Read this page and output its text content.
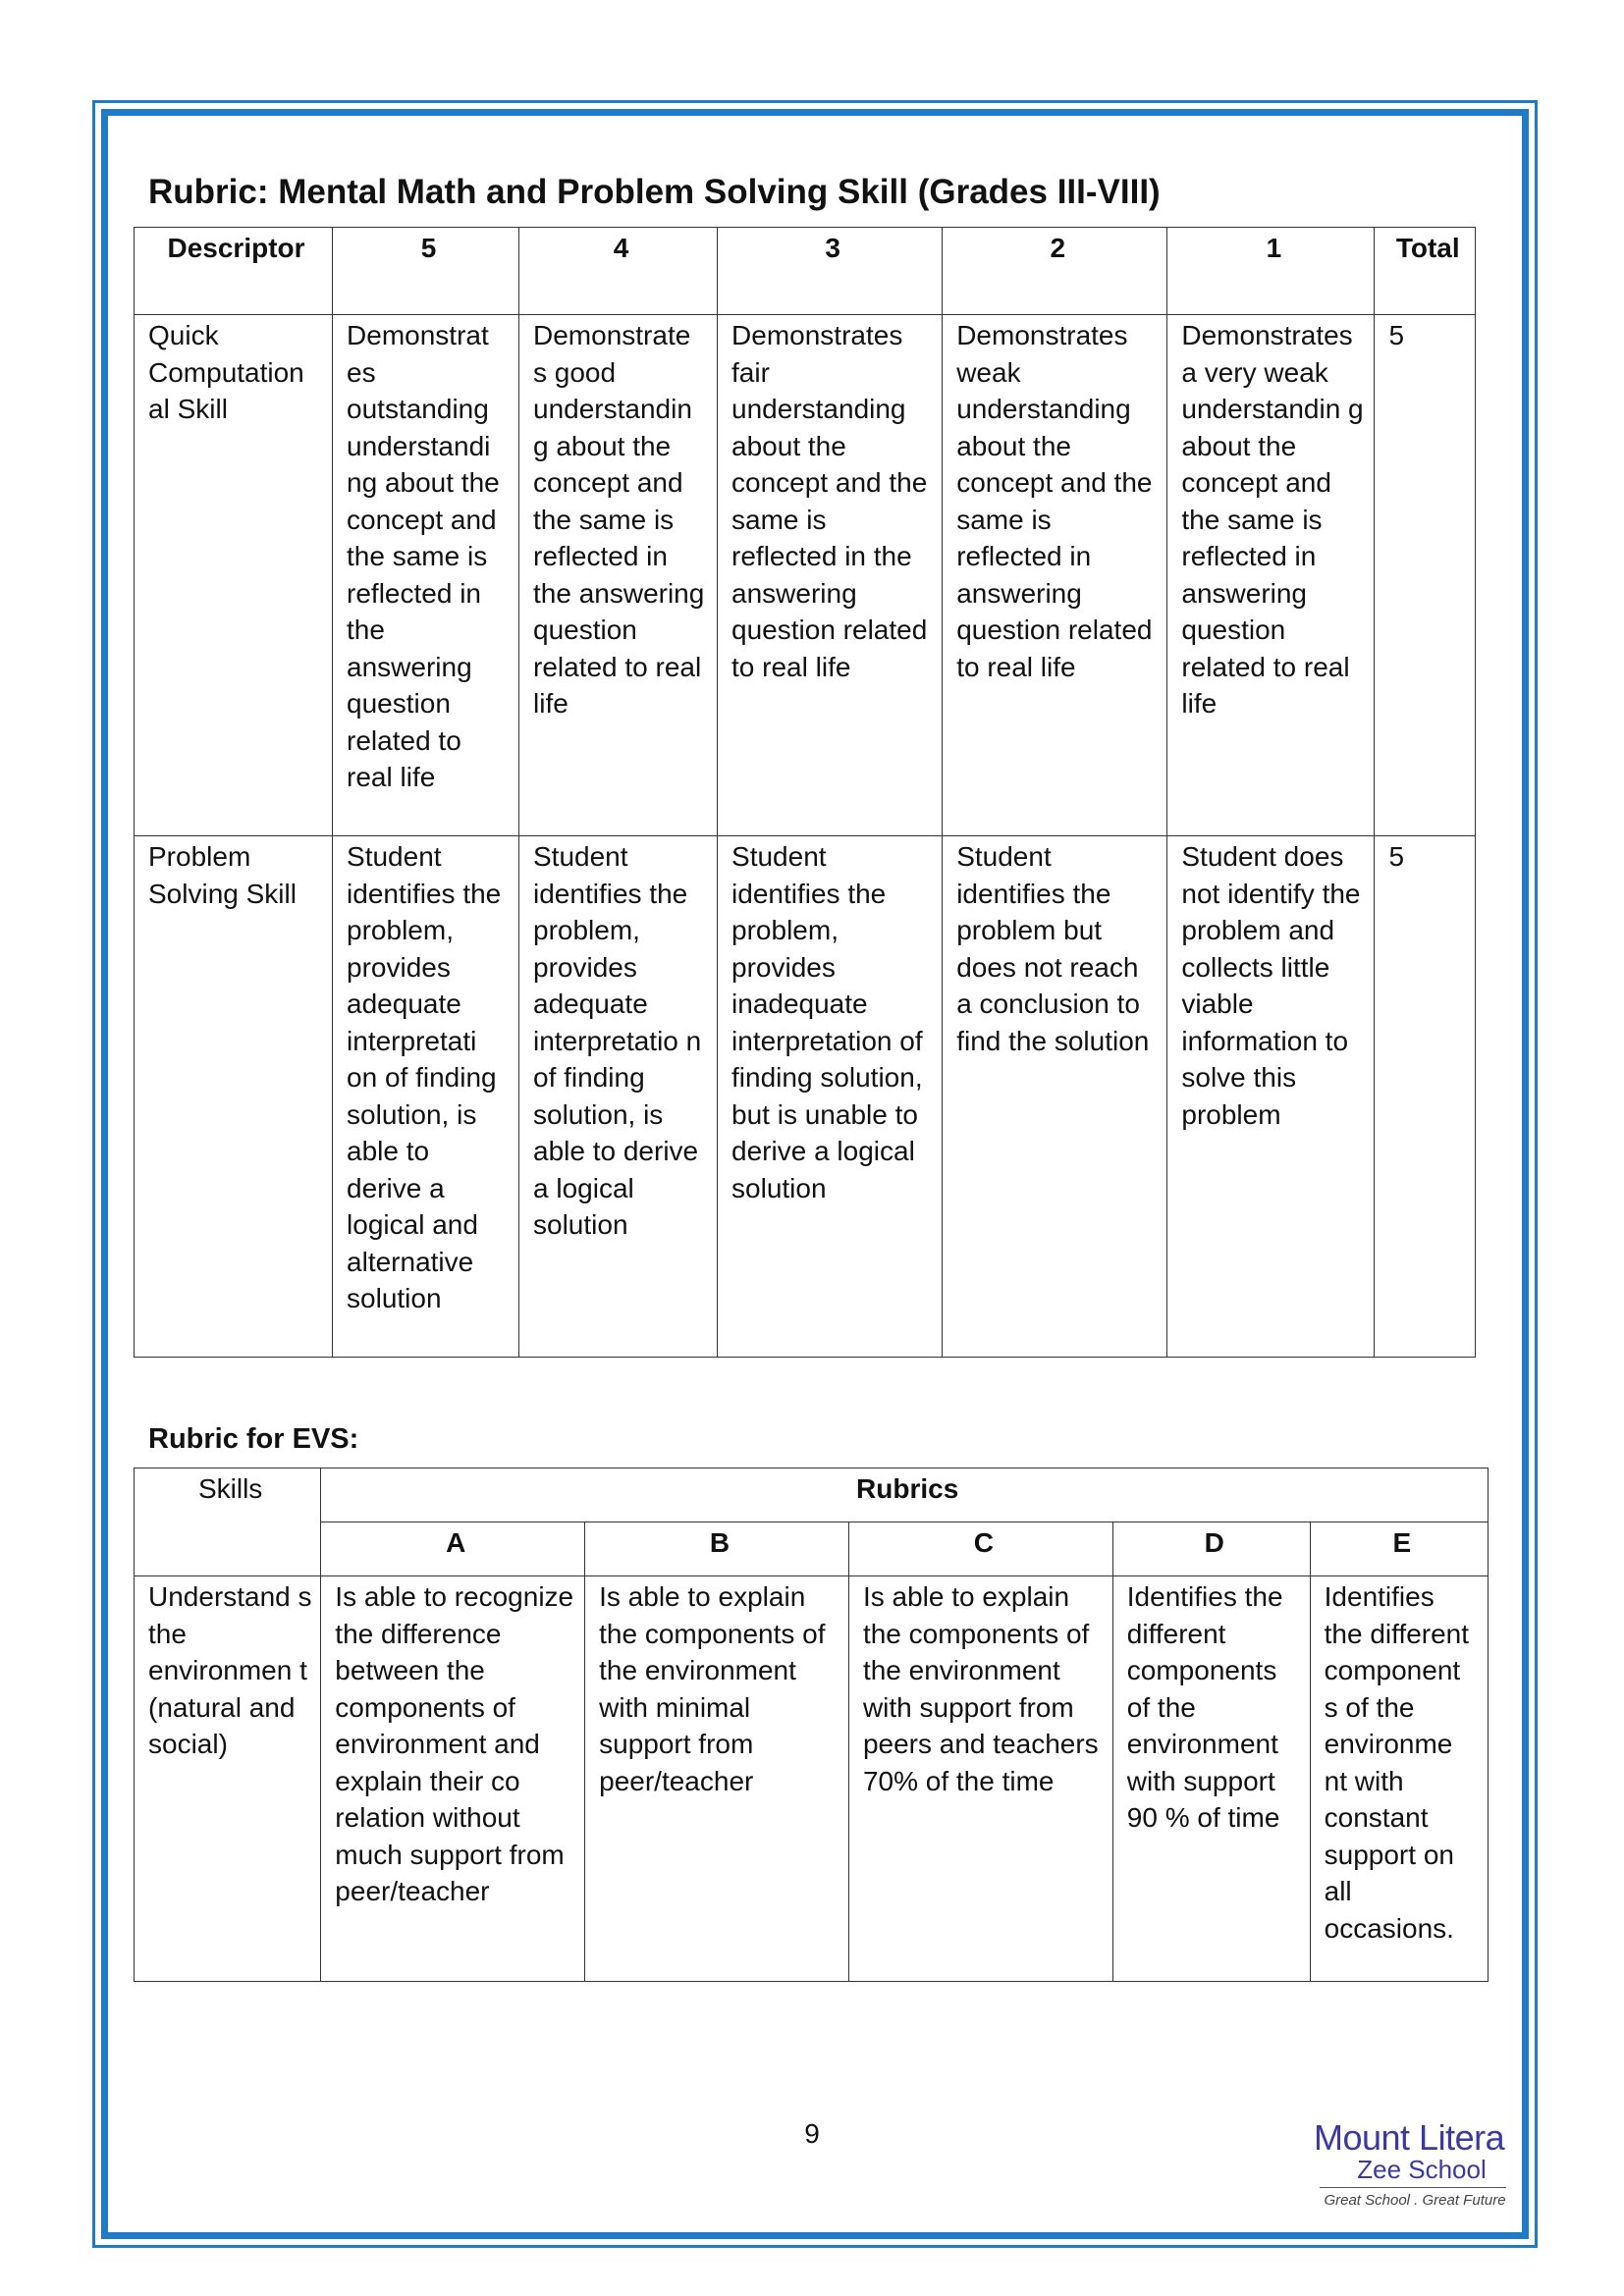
Rubric: Mental Math and Problem Solving Skill (Grades III-VIII)
Descriptor	5	4	3	2	1	Total
Quick Computation al Skill	Demonstrat es outstanding understandi ng about the concept and the same is reflected in the answering question related to real life	Demonstrate s good understandin g about the concept and the same is reflected in the answering question related to real life	Demonstrates fair understanding about the concept and the same is reflected in the answering question related to real life	Demonstrates weak understanding about the concept and the same is reflected in answering question related to real life	Demonstrates a very weak understandin g about the concept and the same is reflected in answering question related to real life	5
Problem Solving Skill	Student identifies the problem, provides adequate interpretati on of finding solution, is able to derive a logical and alternative solution	Student identifies the problem, provides adequate interpretatio n of finding solution, is able to derive a logical solution	Student identifies the problem, provides inadequate interpretation of finding solution, but is unable to derive a logical solution	Student identifies the problem but does not reach a conclusion to find the solution	Student does not identify the problem and collects little viable information to solve this problem	5
Rubric for EVS:
Skills	Rubrics				
	A	B	C	D	E
Understand s the environmen t (natural and social)	Is able to recognize the difference between the components of environment and explain their co relation without much support from peer/teacher	Is able to explain the components of the environment with minimal support from peer/teacher	Is able to explain the components of the environment with support from peers and teachers 70% of the time	Identifies the different components of the environment with support 90 % of time	Identifies the different component s of the environme nt with constant support on all occasions.
9	Mount Litera
Zee School
Great School . Great Future
